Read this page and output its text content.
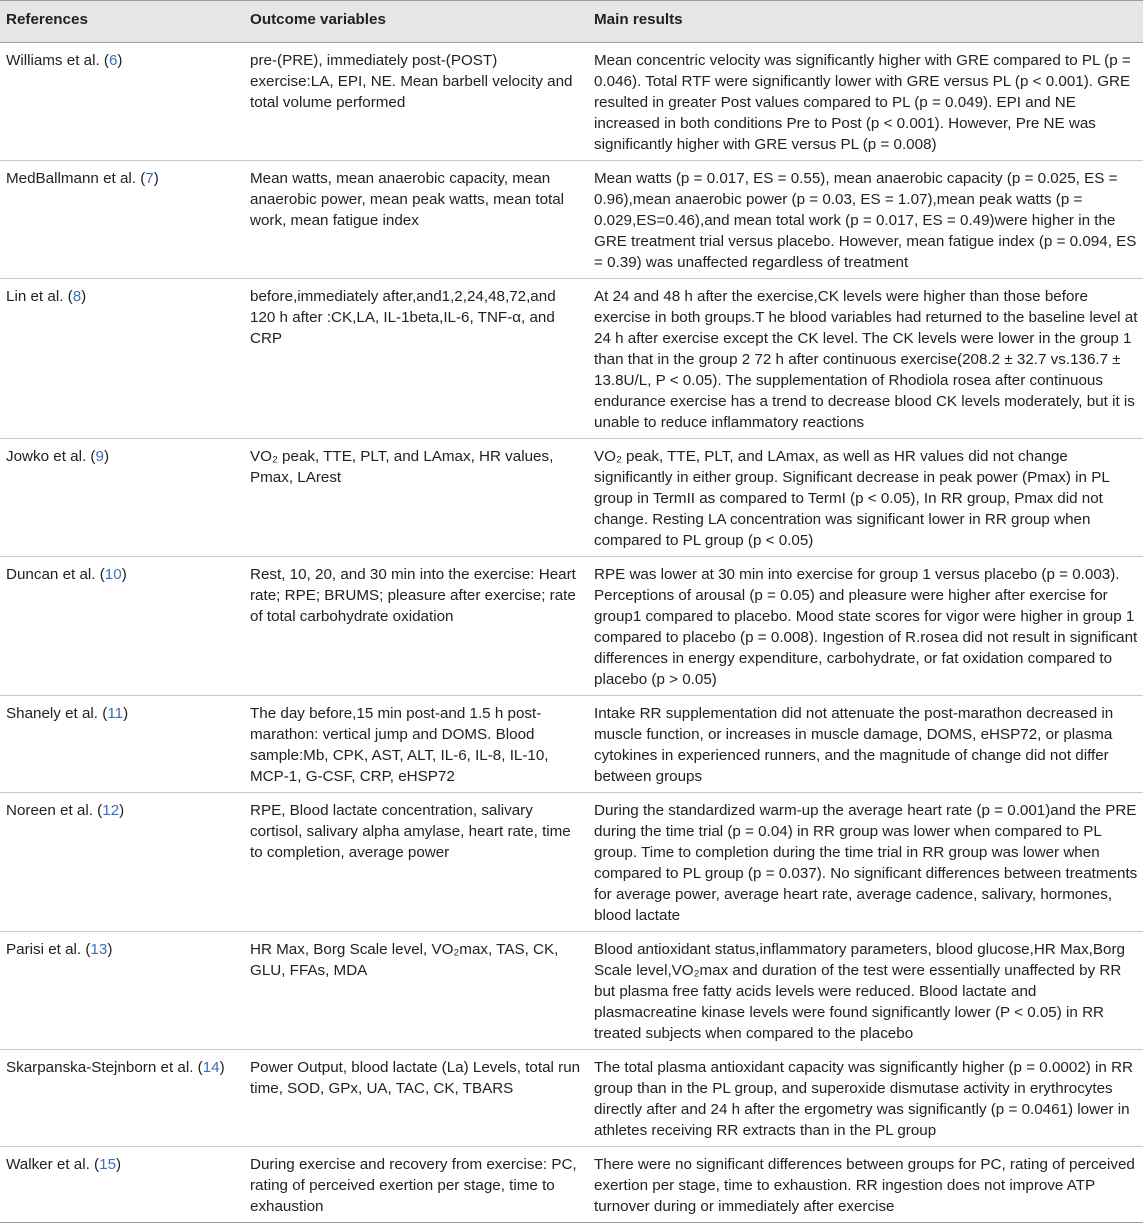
References	Outcome variables	Main results
Williams et al. (6)	pre-(PRE), immediately post-(POST) exercise:LA, EPI, NE. Mean barbell velocity and total volume performed	Mean concentric velocity was significantly higher with GRE compared to PL (p = 0.046). Total RTF were significantly lower with GRE versus PL (p < 0.001). GRE resulted in greater Post values compared to PL (p = 0.049). EPI and NE increased in both conditions Pre to Post (p < 0.001). However, Pre NE was significantly higher with GRE versus PL (p = 0.008)
MedBallmann et al. (7)	Mean watts, mean anaerobic capacity, mean anaerobic power, mean peak watts, mean total work, mean fatigue index	Mean watts (p = 0.017, ES = 0.55), mean anaerobic capacity (p = 0.025, ES = 0.96),mean anaerobic power (p = 0.03, ES = 1.07),mean peak watts (p = 0.029,ES=0.46),and mean total work (p = 0.017, ES = 0.49)were higher in the GRE treatment trial versus placebo. However, mean fatigue index (p = 0.094, ES = 0.39) was unaffected regardless of treatment
Lin et al. (8)	before,immediately after,and1,2,24,48,72,and 120 h after :CK,LA, IL-1beta,IL-6, TNF-α, and CRP	At 24 and 48 h after the exercise,CK levels were higher than those before exercise in both groups.T he blood variables had returned to the baseline level at 24 h after exercise except the CK level. The CK levels were lower in the group 1 than that in the group 2 72 h after continuous exercise(208.2 ± 32.7 vs.136.7 ± 13.8U/L, P < 0.05). The supplementation of Rhodiola rosea after continuous endurance exercise has a trend to decrease blood CK levels moderately, but it is unable to reduce inflammatory reactions
Jowko et al. (9)	VO₂ peak, TTE, PLT, and LAmax, HR values, Pmax, LArest	VO₂ peak, TTE, PLT, and LAmax, as well as HR values did not change significantly in either group. Significant decrease in peak power (Pmax) in PL group in TermII as compared to TermI (p < 0.05), In RR group, Pmax did not change. Resting LA concentration was significant lower in RR group when compared to PL group (p < 0.05)
Duncan et al. (10)	Rest, 10, 20, and 30 min into the exercise: Heart rate; RPE; BRUMS; pleasure after exercise; rate of total carbohydrate oxidation	RPE was lower at 30 min into exercise for group 1 versus placebo (p = 0.003). Perceptions of arousal (p = 0.05) and pleasure were higher after exercise for group1 compared to placebo. Mood state scores for vigor were higher in group 1 compared to placebo (p = 0.008). Ingestion of R.rosea did not result in significant differences in energy expenditure, carbohydrate, or fat oxidation compared to placebo (p > 0.05)
Shanely et al. (11)	The day before,15 min post-and 1.5 h post-marathon: vertical jump and DOMS. Blood sample:Mb, CPK, AST, ALT, IL-6, IL-8, IL-10, MCP-1, G-CSF, CRP, eHSP72	Intake RR supplementation did not attenuate the post-marathon decreased in muscle function, or increases in muscle damage, DOMS, eHSP72, or plasma cytokines in experienced runners, and the magnitude of change did not differ between groups
Noreen et al. (12)	RPE, Blood lactate concentration, salivary cortisol, salivary alpha amylase, heart rate, time to completion, average power	During the standardized warm-up the average heart rate (p = 0.001)and the PRE during the time trial (p = 0.04) in RR group was lower when compared to PL group. Time to completion during the time trial in RR group was lower when compared to PL group (p = 0.037). No significant differences between treatments for average power, average heart rate, average cadence, salivary, hormones, blood lactate
Parisi et al. (13)	HR Max, Borg Scale level, VO₂max, TAS, CK, GLU, FFAs, MDA	Blood antioxidant status,inflammatory parameters, blood glucose,HR Max,Borg Scale level,VO₂max and duration of the test were essentially unaffected by RR but plasma free fatty acids levels were reduced. Blood lactate and plasmacreatine kinase levels were found significantly lower (P < 0.05) in RR treated subjects when compared to the placebo
Skarpanska-Stejnborn et al. (14)	Power Output, blood lactate (La) Levels, total run time, SOD, GPx, UA, TAC, CK, TBARS	The total plasma antioxidant capacity was significantly higher (p = 0.0002) in RR group than in the PL group, and superoxide dismutase activity in erythrocytes directly after and 24 h after the ergometry was significantly (p = 0.0461) lower in athletes receiving RR extracts than in the PL group
Walker et al. (15)	During exercise and recovery from exercise: PC, rating of perceived exertion per stage, time to exhaustion	There were no significant differences between groups for PC, rating of perceived exertion per stage, time to exhaustion. RR ingestion does not improve ATP turnover during or immediately after exercise
